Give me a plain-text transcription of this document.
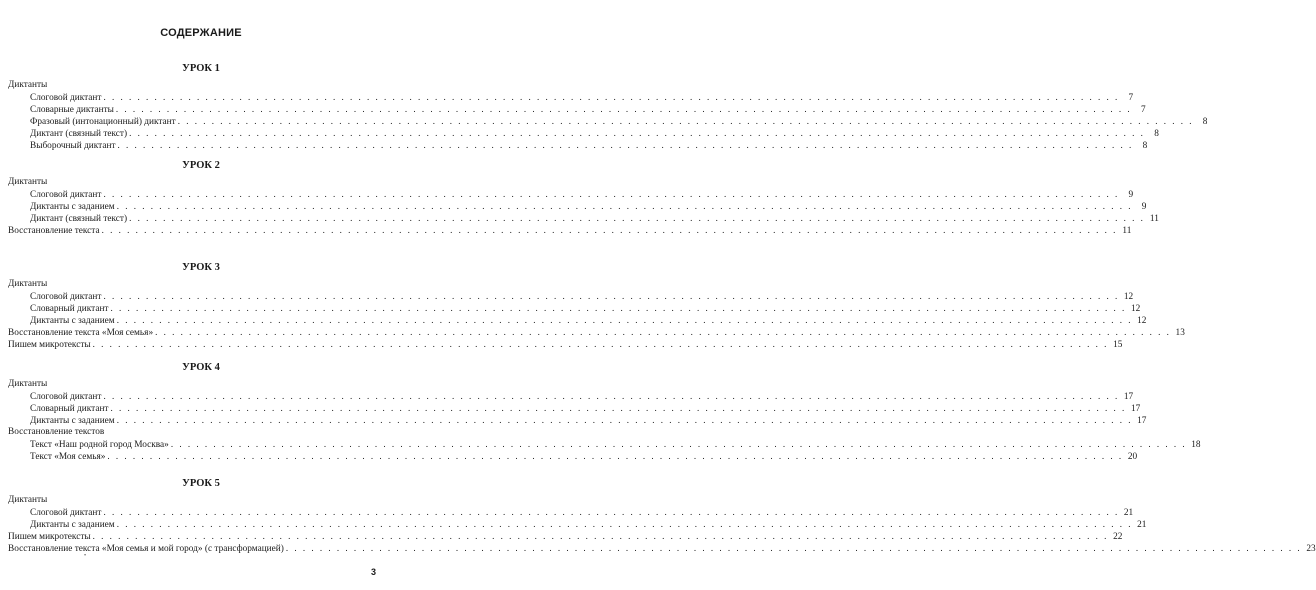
СОДЕРЖАНИЕ
УРОК 1
Диктанты
Слоговой диктант . . . . . . . . . . . . . . . . . . . . . . . . . . . . . . . . . . . . . . . . . . . . . . . . . . . . . . . . . . . . . . . . . . . . . . . . . . . . . . . . . . . . . . . . . . . . . . . . . . . . . . . . . . . . . . . . . . . . . . . .	7
Словарные диктанты . . . . . . . . . . . . . . . . . . . . . . . . . . . . . . . . . . . . . . . . . . . . . . . . . . . . . . . . . . . . . . . . . . . . . . . . . . . . . . . . . . . . . . . . . . . . . . . . . . . . . . . . . . . . . . . . . . . . . . . .	7
Фразовый (интонационный) диктант . . . . . . . . . . . . . . . . . . . . . . . . . . . . . . . . . . . . . . . . . . . . . . . . . . . . . . . . . . . . . . . . . . . . . . . . . . . . . . . . . . . . . . . . . . . . . . . . . . . . . . . . . . . . . . . . . . . . . . . .	8
Диктант (связный текст) . . . . . . . . . . . . . . . . . . . . . . . . . . . . . . . . . . . . . . . . . . . . . . . . . . . . . . . . . . . . . . . . . . . . . . . . . . . . . . . . . . . . . . . . . . . . . . . . . . . . . . . . . . . . . . . . . . . . . . . .	8
Выборочный диктант . . . . . . . . . . . . . . . . . . . . . . . . . . . . . . . . . . . . . . . . . . . . . . . . . . . . . . . . . . . . . . . . . . . . . . . . . . . . . . . . . . . . . . . . . . . . . . . . . . . . . . . . . . . . . . . . . . . . . . . .	8
УРОК 2
Диктанты
Слоговой диктант . . . . . . . . . . . . . . . . . . . . . . . . . . . . . . . . . . . . . . . . . . . . . . . . . . . . . . . . . . . . . . . . . . . . . . . . . . . . . . . . . . . . . . . . . . . . . . . . . . . . . . . . . . . . . . . . . . . . . . . .	9
Диктанты с заданием . . . . . . . . . . . . . . . . . . . . . . . . . . . . . . . . . . . . . . . . . . . . . . . . . . . . . . . . . . . . . . . . . . . . . . . . . . . . . . . . . . . . . . . . . . . . . . . . . . . . . . . . . . . . . . . . . . . . . . . .	9
Диктант (связный текст) . . . . . . . . . . . . . . . . . . . . . . . . . . . . . . . . . . . . . . . . . . . . . . . . . . . . . . . . . . . . . . . . . . . . . . . . . . . . . . . . . . . . . . . . . . . . . . . . . . . . . . . . . . . . . . . . . . . . . . . . 11
Восстановление текста . . . . . . . . . . . . . . . . . . . . . . . . . . . . . . . . . . . . . . . . . . . . . . . . . . . . . . . . . . . . . . . . . . . . . . . . . . . . . . . . . . . . . . . . . . . . . . . . . . . . . . . . . . . . . . . . . . . . . . . . 11
УРОК 3
Диктанты
Слоговой диктант . . . . . . . . . . . . . . . . . . . . . . . . . . . . . . . . . . . . . . . . . . . . . . . . . . . . . . . . . . . . . . . . . . . . . . . . . . . . . . . . . . . . . . . . . . . . . . . . . . . . . . . . . . . . . . . . . . . . . . . . 12
Словарный диктант . . . . . . . . . . . . . . . . . . . . . . . . . . . . . . . . . . . . . . . . . . . . . . . . . . . . . . . . . . . . . . . . . . . . . . . . . . . . . . . . . . . . . . . . . . . . . . . . . . . . . . . . . . . . . . . . . . . . . . . . 12
Диктанты с заданием . . . . . . . . . . . . . . . . . . . . . . . . . . . . . . . . . . . . . . . . . . . . . . . . . . . . . . . . . . . . . . . . . . . . . . . . . . . . . . . . . . . . . . . . . . . . . . . . . . . . . . . . . . . . . . . . . . . . . . . . 12
Восстановление текста «Моя семья» . . . . . . . . . . . . . . . . . . . . . . . . . . . . . . . . . . . . . . . . . . . . . . . . . . . . . . . . . . . . . . . . . . . . . . . . . . . . . . . . . . . . . . . . . . . . . . . . . . . . . . . . . . . . . . . . . . . . . . . . 13
Пишем микротексты . . . . . . . . . . . . . . . . . . . . . . . . . . . . . . . . . . . . . . . . . . . . . . . . . . . . . . . . . . . . . . . . . . . . . . . . . . . . . . . . . . . . . . . . . . . . . . . . . . . . . . . . . . . . . . . . . . . . . . . . 15
УРОК 4
Диктанты
Слоговой диктант . . . . . . . . . . . . . . . . . . . . . . . . . . . . . . . . . . . . . . . . . . . . . . . . . . . . . . . . . . . . . . . . . . . . . . . . . . . . . . . . . . . . . . . . . . . . . . . . . . . . . . . . . . . . . . . . . . . . . . . . 17
Словарный диктант . . . . . . . . . . . . . . . . . . . . . . . . . . . . . . . . . . . . . . . . . . . . . . . . . . . . . . . . . . . . . . . . . . . . . . . . . . . . . . . . . . . . . . . . . . . . . . . . . . . . . . . . . . . . . . . . . . . . . . . . 17
Диктанты с заданием . . . . . . . . . . . . . . . . . . . . . . . . . . . . . . . . . . . . . . . . . . . . . . . . . . . . . . . . . . . . . . . . . . . . . . . . . . . . . . . . . . . . . . . . . . . . . . . . . . . . . . . . . . . . . . . . . . . . . . . . 17
Восстановление текстов
Текст «Наш родной город Москва» . . . . . . . . . . . . . . . . . . . . . . . . . . . . . . . . . . . . . . . . . . . . . . . . . . . . . . . . . . . . . . . . . . . . . . . . . . . . . . . . . . . . . . . . . . . . . . . . . . . . . . . . . . . . . . . . . . . . . . . . 18
Текст «Моя семья» . . . . . . . . . . . . . . . . . . . . . . . . . . . . . . . . . . . . . . . . . . . . . . . . . . . . . . . . . . . . . . . . . . . . . . . . . . . . . . . . . . . . . . . . . . . . . . . . . . . . . . . . . . . . . . . . . . . . . . . . 20
УРОК 5
Диктанты
Слоговой диктант . . . . . . . . . . . . . . . . . . . . . . . . . . . . . . . . . . . . . . . . . . . . . . . . . . . . . . . . . . . . . . . . . . . . . . . . . . . . . . . . . . . . . . . . . . . . . . . . . . . . . . . . . . . . . . . . . . . . . . . . 21
Диктанты с заданием . . . . . . . . . . . . . . . . . . . . . . . . . . . . . . . . . . . . . . . . . . . . . . . . . . . . . . . . . . . . . . . . . . . . . . . . . . . . . . . . . . . . . . . . . . . . . . . . . . . . . . . . . . . . . . . . . . . . . . . . 21
Пишем микротексты . . . . . . . . . . . . . . . . . . . . . . . . . . . . . . . . . . . . . . . . . . . . . . . . . . . . . . . . . . . . . . . . . . . . . . . . . . . . . . . . . . . . . . . . . . . . . . . . . . . . . . . . . . . . . . . . . . . . . . . . 22
Восстановление текста «Моя семья и мой город» (с трансформацией) . . . . . . . . . . . . . . . . . . . . . . . . . . . . . . . . . . . . . . . . . . . . . . . . . . . . . . . . . . . . . . . . . . . . . . . . . . . . . . . . . . . . . . . . . . . . . . . . . . . . . . . . . . . . . . . . . . . . . . . . 23
•
3
